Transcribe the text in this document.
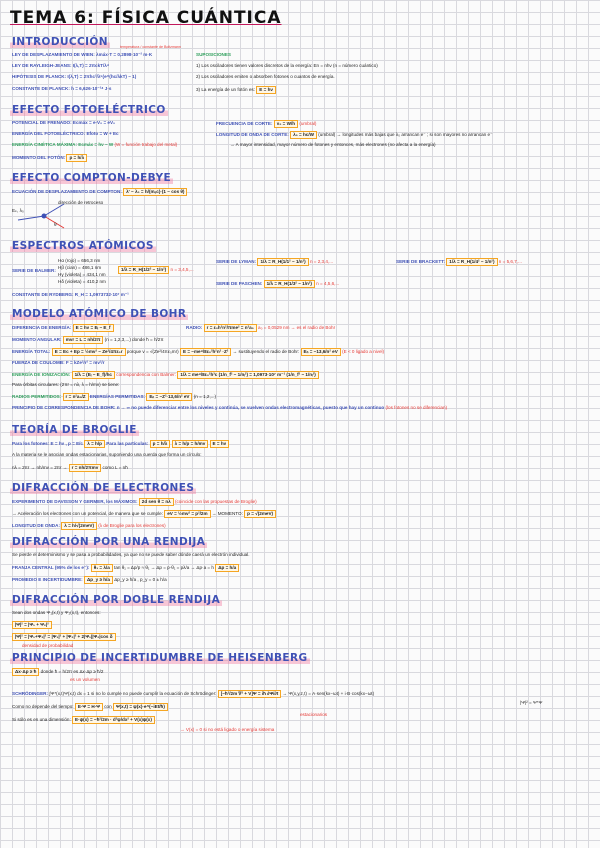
TEMA 6: FÍSICA CUÁNTICA
INTRODUCCIÓN
LEY DE DESPLAZAMIENTO DE WIEN: λmáx·T = 0,2898·10⁻² m·K
temperatura / constante de Boltzmann
LEY DE RAYLEIGH-JEANS: I(λ,T) = 2πckT/λ⁴
HIPÓTESIS DE PLANCK: I(λ,T) = 2πhc²/λ⁵(e^(hc/λkT) − 1)
CONSTANTE DE PLANCK: h = 6,626·10⁻³⁴ J·s
SUPOSICIONES
1) Los osciladores tienen valores discretos de la energía: En = nhν (n = número cuántico)
2) Los osciladores emiten o absorben fotones o cuantos de energía.
3) La energía de un fotón es: E = hν
EFECTO FOTOELÉCTRICO
POTENCIAL DE FRENADO: Ecmáx = e·V₀ = eV₀
ENERGÍA DEL FOTOELÉCTRICO: Efoto = W + Ec
ENERGÍA CINÉTICA MÁXIMA: Ecmáx = hν − W (W = función trabajo del metal)
MOMENTO DEL FOTÓN: p = h/λ
FRECUENCIA DE CORTE: ν₀ = W/h (umbral)
LONGITUD DE ONDA DE CORTE: λ₀ = hc/W (umbral) → longitudes más bajas que λ₀ arrancan e⁻ ; si son mayores no arrancan e⁻
→ A mayor intensidad, mayor número de fotones y entonces, más electrones (no afecta a la energía)
EFECTO COMPTON-DEBYE
ECUACIÓN DE DESPLAZAMIENTO DE COMPTON: λ' − λ₀ = h/(mₑc)·(1 − cos θ)
Eₖ, λ₀
dirección de retroceso
θ
ESPECTROS ATÓMICOS
SERIE DE BALMER:
Hα (rojo) = 656,3 nm
Hβ (cian) = 486,1 nm
Hγ (violeta) = 434,1 nm
Hδ (violeta) = 410,2 nm
1/λ = R_H(1/2² − 1/n²) n = 3,4,5,...
SERIE DE LYMAN: 1/λ = R_H(1/1² − 1/n²) n = 2,3,4,...
SERIE DE PASCHEN: 1/λ = R_H(1/3² − 1/n²) n = 4,5,6,...
SERIE DE BRACKETT: 1/λ = R_H(1/4² − 1/n²) n = 5,6,7,...
CONSTANTE DE RYDBERG: R_H = 1,0973732·10⁷ m⁻¹
MODELO ATÓMICO DE BOHR
DIFERENCIA DE ENERGÍA: E = hν = Eᵢ − E_f	RADIO: r = ε₀h²n²/πme² = n²a₀ a₀ = 0,0529 nm → es el radio de Bohr
MOMENTO ANGULAR: mvr = L = nh/2π (n = 1,2,3,...) donde ħ = h/2π
ENERGÍA TOTAL: E = Ec + Ep = ½mv² − Ze²/4πε₀r porque v = √(Ze²/4πε₀mr) E = −me⁴/8ε₀²h²n² ·Z² → sustituyendo el radio de Bohr: Eₙ = −13,6/n² eV (E < 0 ligado a nivel)
FUERZA DE COULOMB: F = kZe²/r² = mv²/r
ENERGÍA DE IONIZACIÓN: 1/λ = (Eᵢ − E_f)/hc correspondencia con Balmer: 1/λ = me⁴/8ε₀²h³c (1/n_f² − 1/nᵢ²) = 1,0973·10⁷ m⁻¹ (1/n_f² − 1/nᵢ²)
Para órbitas circulares: (2πr = nλ, λ = h/mv) se tiene:
RADIOS PERMITIDOS: r = n²a₀/Z ENERGÍAS PERMITIDAS: Eₙ = −Z²·13,6/n² eV (n = 1,2,...)
PRINCIPIO DE CORRESPONDENCIA DE BOHR: n → ∞ no puede diferenciar entre los niveles y continúa, se vuelven ondas electromagnéticas, puesto que hay un continuo (los fotones no se diferencian)
TEORÍA DE BROGLIE
Para los fotones: E = hν , p = E/c λ = h/p Para las partículas: p = h/λ λ = h/p = h/mv E = hν
A la materia se le asocian ondas estacionarias, suponiendo una cuerda que forma un círculo:
nλ = 2πr → nh/mv = 2πr → r = nh/2πmv como L = nħ
DIFRACCIÓN DE ELECTRONES
EXPERIMENTO DE DAVISSON Y GERMER, los MÁXIMOS: 2d sen θ = nλ (coincide con las propuestas de Broglie)
→ Aceleración los electrones con un potencial, de manera que se cumple: eV = ½mv² = p²/2m → MOMENTO: p = √(2meV)
LONGITUD DE ONDA: λ = h/√(2meV) (λ de Broglie para los electrones)
DIFRACCIÓN POR UNA RENDIJA
Se pierde el determinismo y se pasa a probabilidades, ya que no se puede saber dónde caerá un electrón individual.
FRANJA CENTRAL (95% de los e⁻): θ₁ = λ/a tan θ₁ = Δp/p ≈ θ₁ → Δp = p·θ₁ = pλ/a → Δp·a = h Δp = h/a
PROMEDIO E INCERTIDUMBRE: Δp_y ≥ h/a Δp_y ≥ h/a , p_y = 0 ± h/a
DIFRACCIÓN POR DOBLE RENDIJA
Sean dos ondas Ψ₁(x,t) y Ψ₂(x,t), entonces:
|Ψ|² = |Ψ₁ + Ψ₂|²
|Ψ|² = |Ψ₁+Ψ₂|² = |Ψ₁|² + |Ψ₂|² + 2|Ψ₁||Ψ₂|cos δ
densidad de probabilidad
PRINCIPIO DE INCERTIDUMBRE DE HEISENBERG
Δx·Δp ≥ ħ donde ħ = h/2π es Δx·Δp ≥ ħ/2
es un volumen
SCHRÖDINGER: ∫Ψ*(x,t)Ψ(x,t) dx = 1 si no lo cumple no puede cumplir la ecuación de Schrödinger: [−ħ²/2m ∇² + V]Ψ = iħ ∂Ψ/∂t → Ψ(x,y,z,t) = A·sen(kx−ωt) + i·B·cos(kx−ωt)
|Ψ|² = Ψ*Ψ
Como no depende del tiempo: E·Ψ = H·Ψ con Ψ(x,t) = ψ(x)·e^(−iEt/ħ)
estacionarios
Si sólo es en una dimensión: E·ψ(x) = −ħ²/2m · d²ψ/dx² + V(x)ψ(x)
→ V(x) = 0 si no está ligado o energía sistema
